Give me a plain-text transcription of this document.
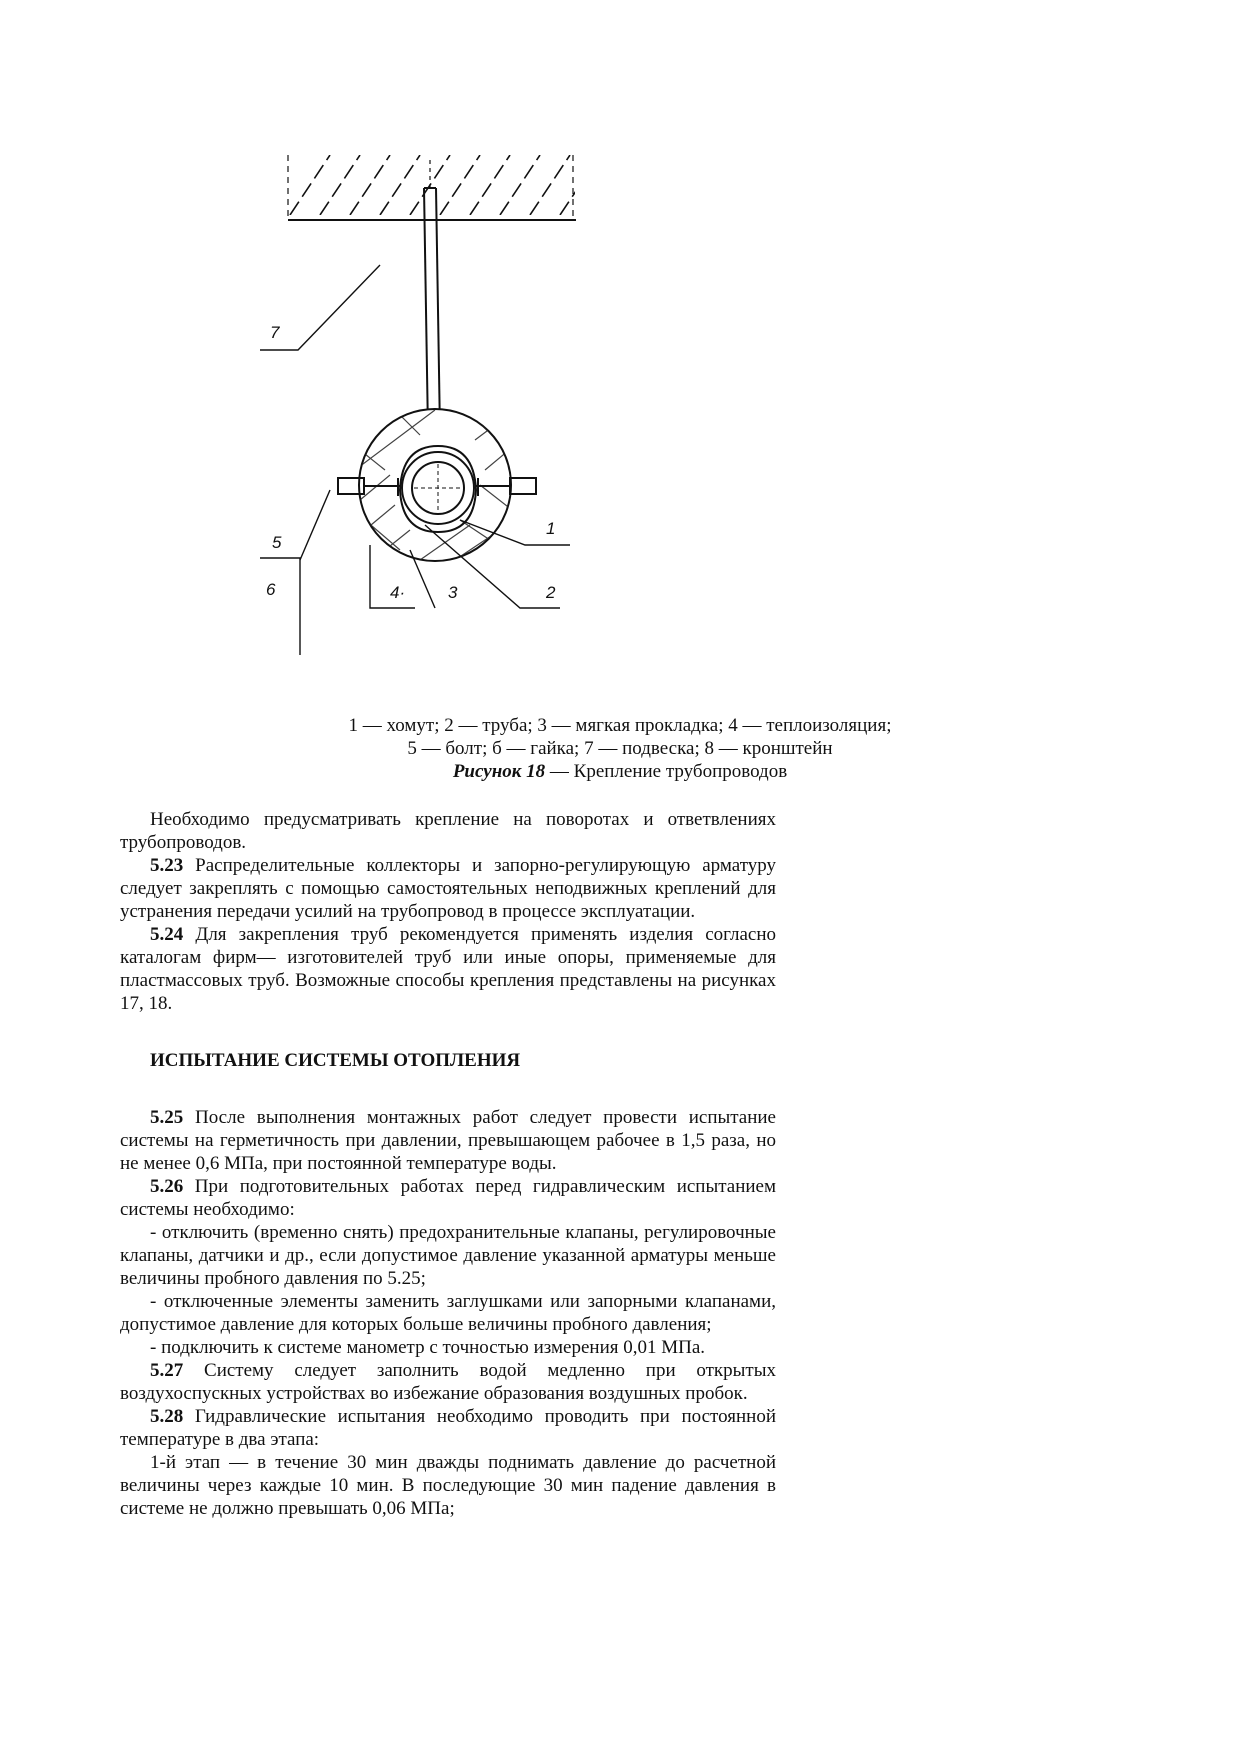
7
1
5
6	4·	3	2
1 — хомут; 2 — труба; 3 — мягкая прокладка; 4 — теплоизоляция;
5 — болт; б — гайка; 7 — подвеска; 8 — кронштейн
Рисунок 18 — Крепление трубопроводов

Необходимо предусматривать крепление на поворотах и ответвлениях трубопроводов.

5.23 Распределительные коллекторы и запорно-регулирующую арматуру следует закреплять с помощью самостоятельных неподвижных креплений для устранения передачи усилий на трубопровод в процессе эксплуатации.

5.24 Для закрепления труб рекомендуется применять изделия согласно каталогам фирм— изготовителей труб или иные опоры, применяемые для пластмассовых труб. Возможные способы крепления представлены на рисунках 17, 18.

ИСПЫТАНИЕ СИСТЕМЫ ОТОПЛЕНИЯ

5.25 После выполнения монтажных работ следует провести испытание системы на герметичность при давлении, превышающем рабочее в 1,5 раза, но не менее 0,6 МПа, при постоянной температуре воды.

5.26 При подготовительных работах перед гидравлическим испытанием системы необходимо:

- отключить (временно снять) предохранительные клапаны, регулировочные клапаны, датчики и др., если допустимое давление указанной арматуры меньше величины пробного давления по 5.25;

- отключенные элементы заменить заглушками или запорными клапанами, допустимое давление для которых больше величины пробного давления;

- подключить к системе манометр с точностью измерения 0,01 МПа.

5.27 Систему следует заполнить водой медленно при открытых воздухоспускных устройствах во избежание образования воздушных пробок.

5.28 Гидравлические испытания необходимо проводить при постоянной температуре в два этапа:

1-й этап — в течение 30 мин дважды поднимать давление до расчетной величины через каждые 10 мин. В последующие 30 мин падение давления в системе не должно превышать 0,06 МПа;
